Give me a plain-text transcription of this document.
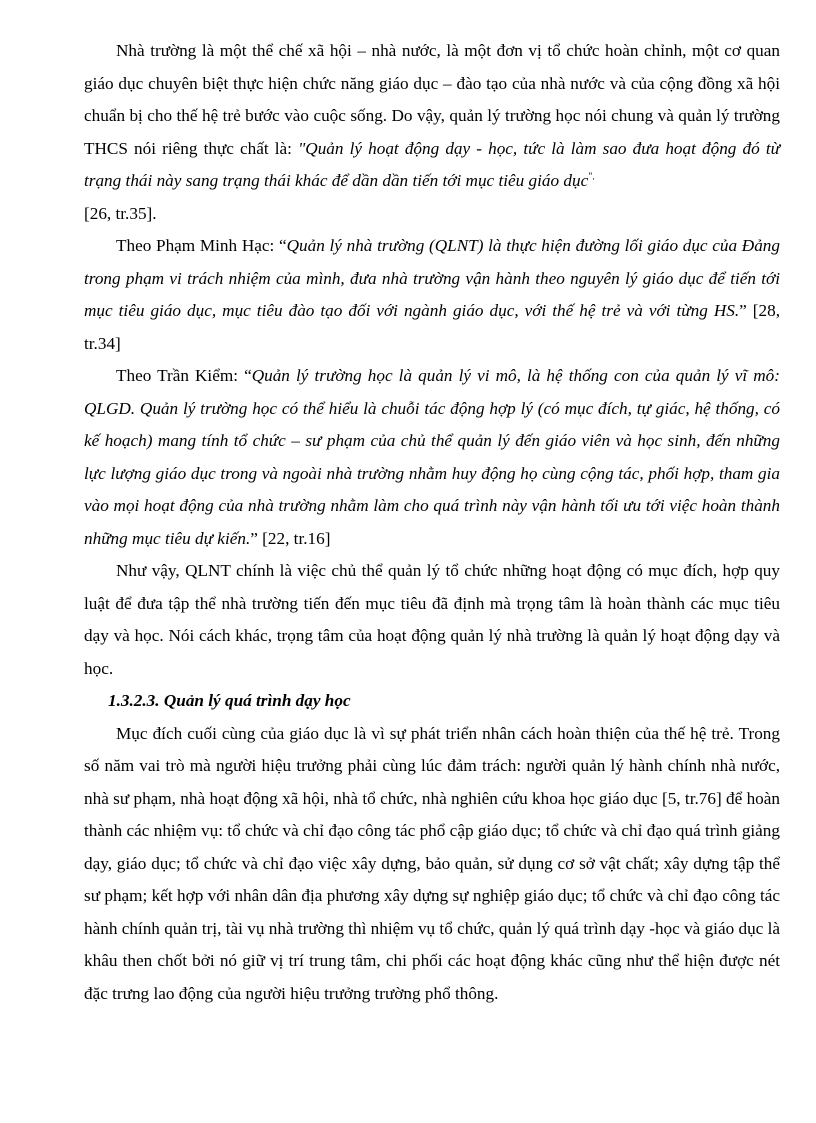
Nhà trường là một thể chế xã hội – nhà nước, là một đơn vị tổ chức hoàn chỉnh, một cơ quan giáo dục chuyên biệt thực hiện chức năng giáo dục – đào tạo của nhà nước và của cộng đồng xã hội chuẩn bị cho thế hệ trẻ bước vào cuộc sống. Do vậy, quản lý trường học nói chung và quản lý trường THCS nói riêng thực chất là: "Quản lý hoạt động dạy - học, tức là làm sao đưa hoạt động đó từ trạng thái này sang trạng thái khác để dần dần tiến tới mục tiêu giáo dục".
[26, tr.35].

Theo Phạm Minh Hạc: “Quản lý nhà trường (QLNT) là thực hiện đường lối giáo dục của Đảng trong phạm vi trách nhiệm của mình, đưa nhà trường vận hành theo nguyên lý giáo dục để tiến tới mục tiêu giáo dục, mục tiêu đào tạo đối với ngành giáo dục, với thế hệ trẻ và với từng HS.” [28, tr.34]

Theo Trần Kiểm: “Quản lý trường học là quản lý vi mô, là hệ thống con của quản lý vĩ mô: QLGD. Quản lý trường học có thể hiểu là chuỗi tác động hợp lý (có mục đích, tự giác, hệ thống, có kế hoạch) mang tính tổ chức – sư phạm của chủ thể quản lý đến giáo viên và học sinh, đến những lực lượng giáo dục trong và ngoài nhà trường nhằm huy động họ cùng cộng tác, phối hợp, tham gia vào mọi hoạt động của nhà trường nhằm làm cho quá trình này vận hành tối ưu tới việc hoàn thành những mục tiêu dự kiến.” [22, tr.16]

Như vậy, QLNT chính là việc chủ thể quản lý tổ chức những hoạt động có mục đích, hợp quy luật để đưa tập thể nhà trường tiến đến mục tiêu đã định mà trọng tâm là hoàn thành các mục tiêu dạy và học. Nói cách khác, trọng tâm của hoạt động quản lý nhà trường là quản lý hoạt động dạy và học.

1.3.2.3. Quản lý quá trình dạy học

Mục đích cuối cùng của giáo dục là vì sự phát triển nhân cách hoàn thiện của thế hệ trẻ. Trong số năm vai trò mà người hiệu trưởng phải cùng lúc đảm trách: người quản lý hành chính nhà nước, nhà sư phạm, nhà hoạt động xã hội, nhà tổ chức, nhà nghiên cứu khoa học giáo dục [5, tr.76] để hoàn thành các nhiệm vụ: tổ chức và chỉ đạo công tác phổ cập giáo dục; tổ chức và chỉ đạo quá trình giảng dạy, giáo dục; tổ chức và chỉ đạo việc xây dựng, bảo quản, sử dụng cơ sở vật chất; xây dựng tập thể sư phạm; kết hợp với nhân dân địa phương xây dựng sự nghiệp giáo dục; tổ chức và chỉ đạo công tác hành chính quản trị, tài vụ nhà trường thì nhiệm vụ tổ chức, quản lý quá trình dạy -học và giáo dục là khâu then chốt bởi nó giữ vị trí trung tâm, chi phối các hoạt động khác cũng như thể hiện được nét đặc trưng lao động của người hiệu trưởng trường phổ thông.
